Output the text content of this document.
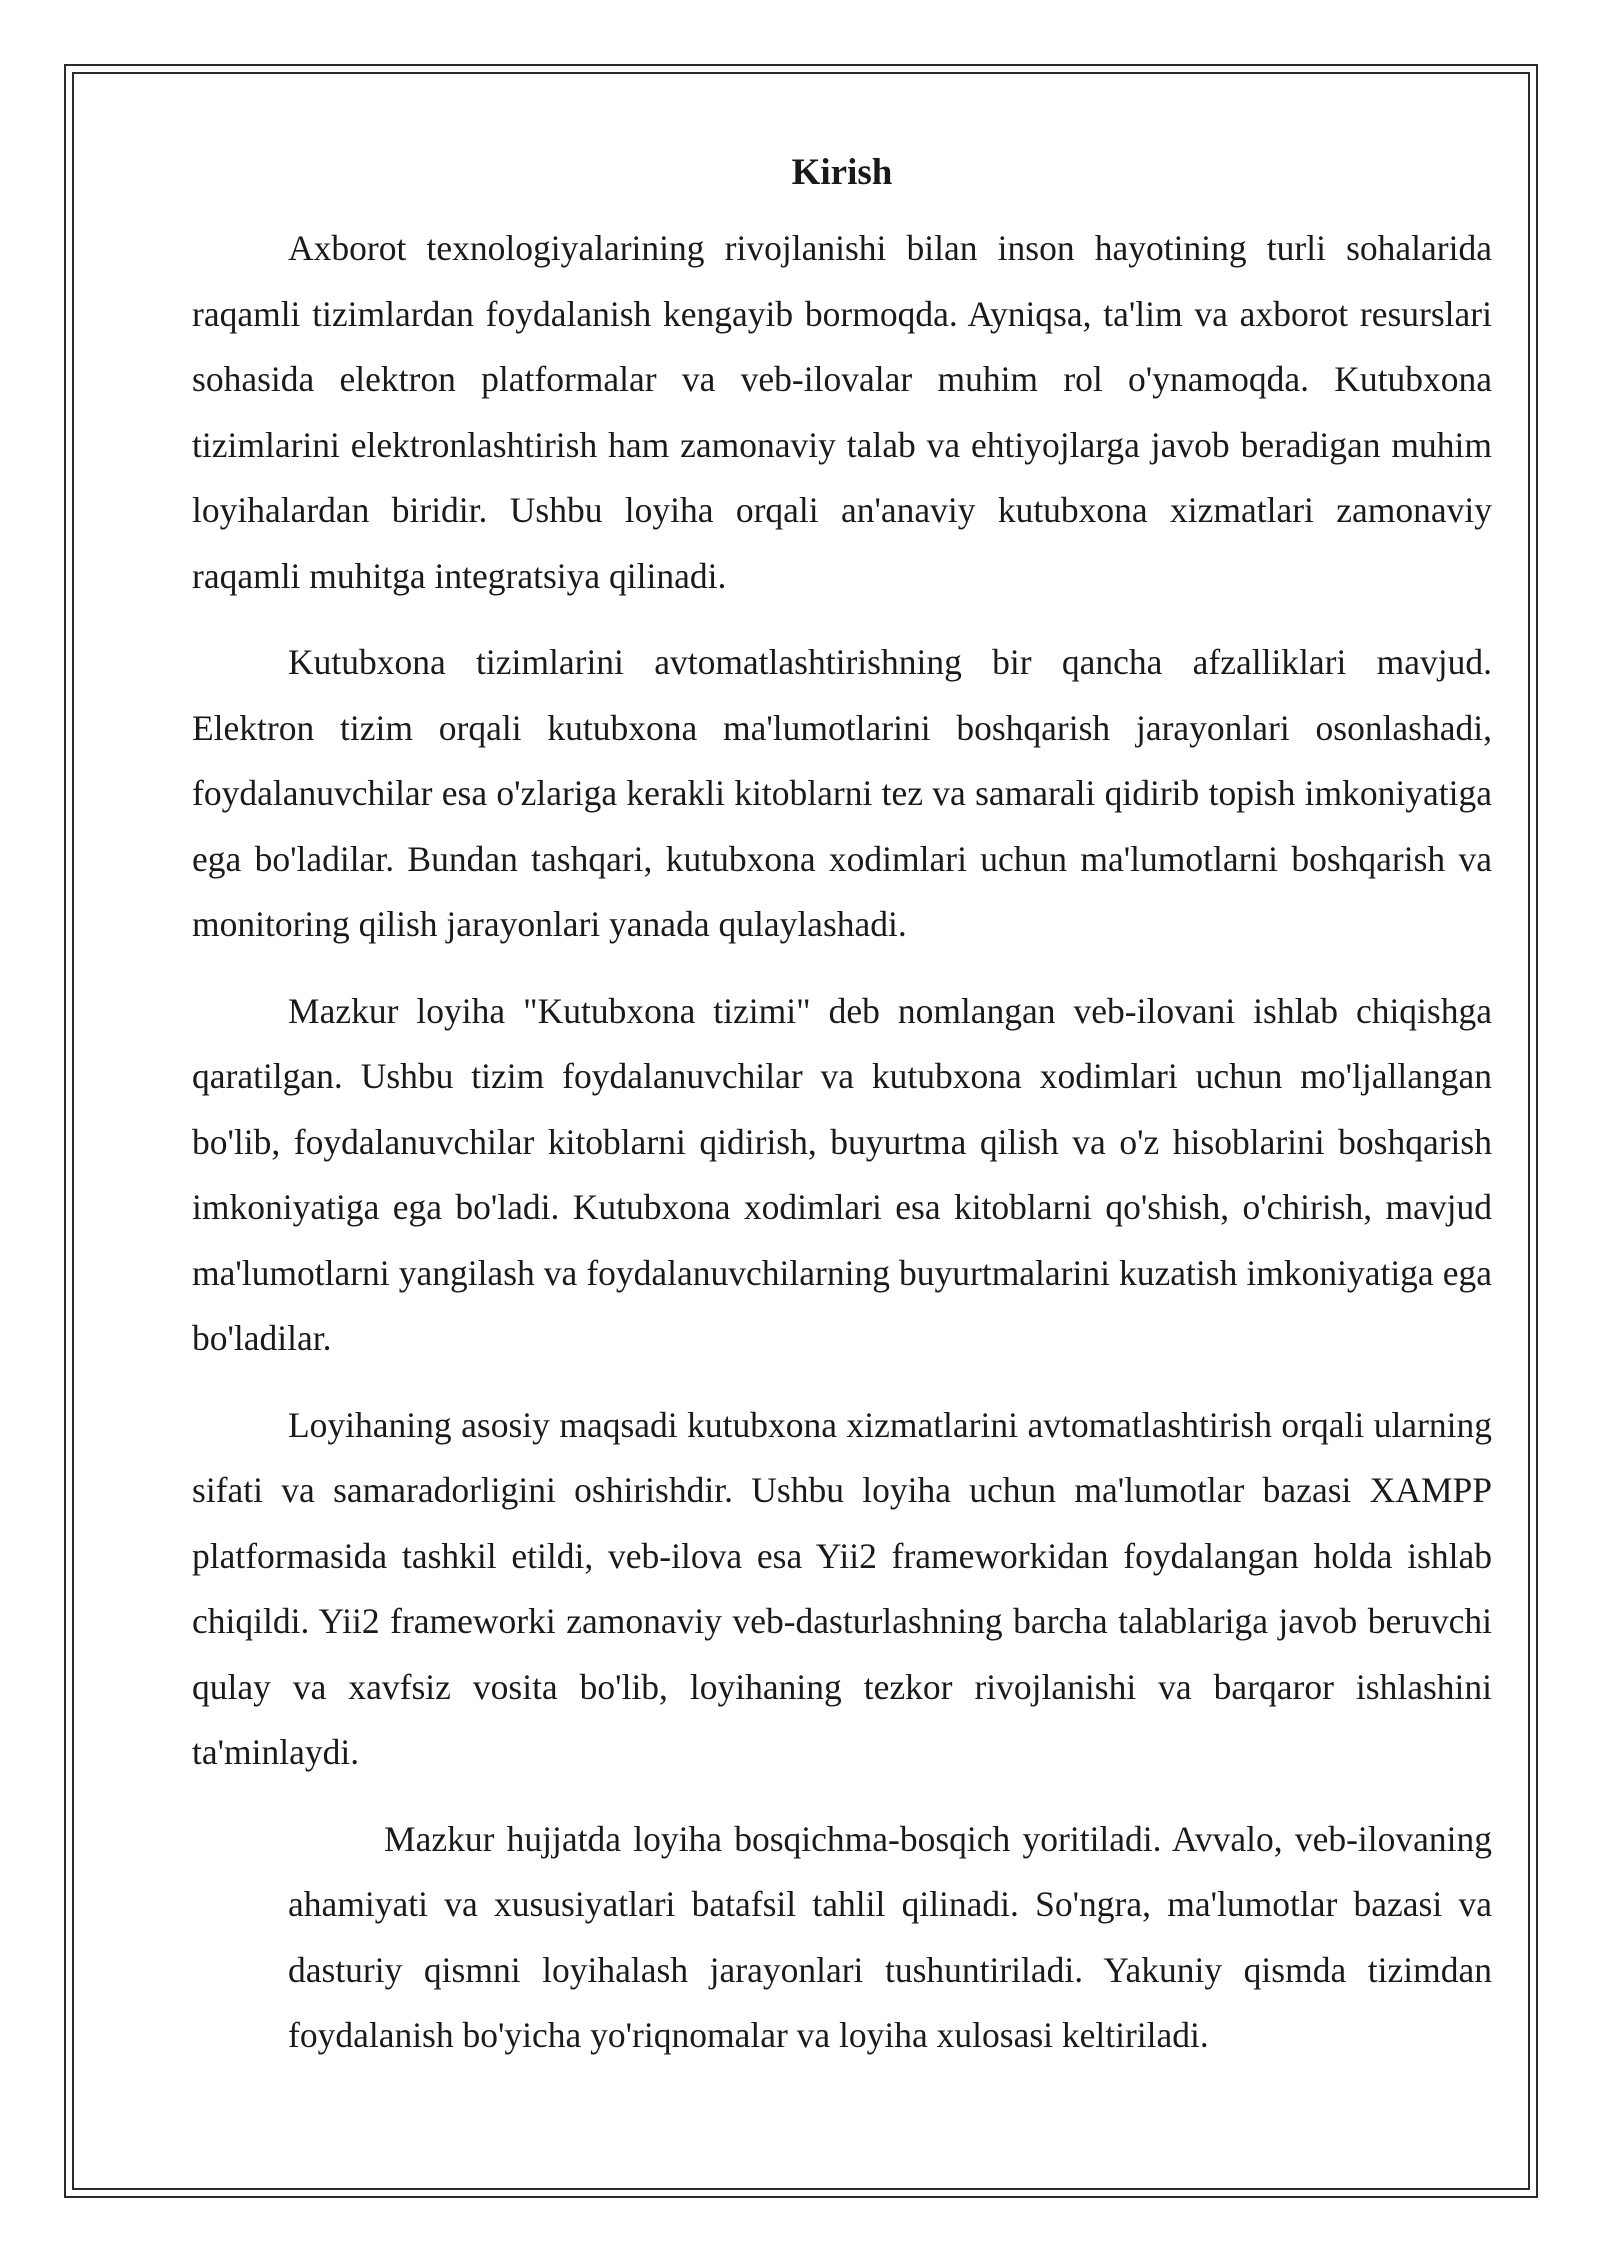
Kirish

Axborot texnologiyalarining rivojlanishi bilan inson hayotining turli sohalarida raqamli tizimlardan foydalanish kengayib bormoqda. Ayniqsa, ta'lim va axborot resurslari sohasida elektron platformalar va veb-ilovalar muhim rol o'ynamoqda. Kutubxona tizimlarini elektronlashtirish ham zamonaviy talab va ehtiyojlarga javob beradigan muhim loyihalardan biridir. Ushbu loyiha orqali an'anaviy kutubxona xizmatlari zamonaviy raqamli muhitga integratsiya qilinadi.

Kutubxona tizimlarini avtomatlashtirishning bir qancha afzalliklari mavjud. Elektron tizim orqali kutubxona ma'lumotlarini boshqarish jarayonlari osonlashadi, foydalanuvchilar esa o'zlariga kerakli kitoblarni tez va samarali qidirib topish imkoniyatiga ega bo'ladilar. Bundan tashqari, kutubxona xodimlari uchun ma'lumotlarni boshqarish va monitoring qilish jarayonlari yanada qulaylashadi.

Mazkur loyiha "Kutubxona tizimi" deb nomlangan veb-ilovani ishlab chiqishga qaratilgan. Ushbu tizim foydalanuvchilar va kutubxona xodimlari uchun mo'ljallangan bo'lib, foydalanuvchilar kitoblarni qidirish, buyurtma qilish va o'z hisoblarini boshqarish imkoniyatiga ega bo'ladi. Kutubxona xodimlari esa kitoblarni qo'shish, o'chirish, mavjud ma'lumotlarni yangilash va foydalanuvchilarning buyurtmalarini kuzatish imkoniyatiga ega bo'ladilar.

Loyihaning asosiy maqsadi kutubxona xizmatlarini avtomatlashtirish orqali ularning sifati va samaradorligini oshirishdir. Ushbu loyiha uchun ma'lumotlar bazasi XAMPP platformasida tashkil etildi, veb-ilova esa Yii2 frameworkidan foydalangan holda ishlab chiqildi. Yii2 frameworki zamonaviy veb-dasturlashning barcha talablariga javob beruvchi qulay va xavfsiz vosita bo'lib, loyihaning tezkor rivojlanishi va barqaror ishlashini ta'minlaydi.

Mazkur hujjatda loyiha bosqichma-bosqich yoritiladi. Avvalo, veb-ilovaning ahamiyati va xususiyatlari batafsil tahlil qilinadi. So'ngra, ma'lumotlar bazasi va dasturiy qismni loyihalash jarayonlari tushuntiriladi. Yakuniy qismda tizimdan foydalanish bo'yicha yo'riqnomalar va loyiha xulosasi keltiriladi.
